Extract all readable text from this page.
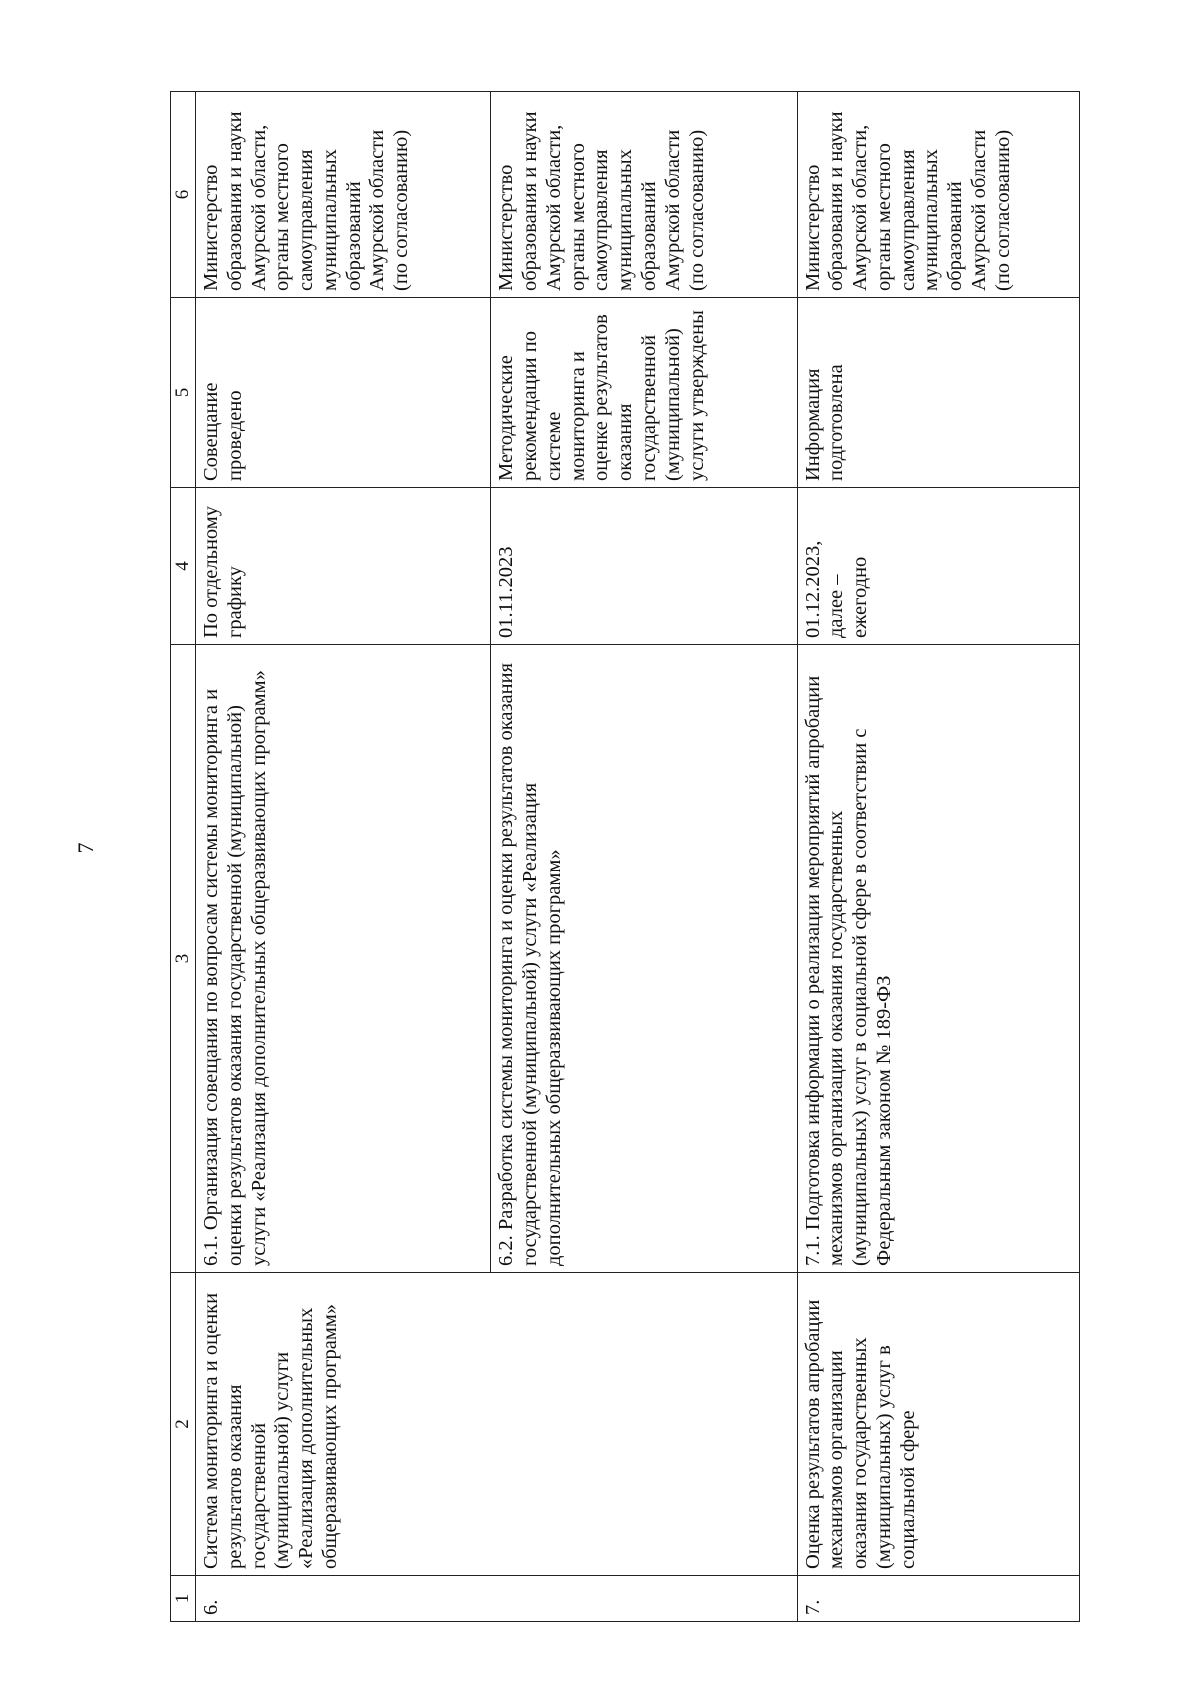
7
1	2	3	4	5	6
6.	Система мониторинга и оценки результатов оказания государственной (муниципальной) услуги «Реализация дополнительных общеразвивающих программ»	6.1. Организация совещания по вопросам системы мониторинга и оценки результатов оказания государственной (муниципальной) услуги «Реализация дополнительных общеразвивающих программ»	По отдельному графику	Совещание проведено	Министерство образования и науки Амурской области, органы местного самоуправления муниципальных образований Амурской области (по согласованию)
		6.2. Разработка системы мониторинга и оценки результатов оказания государственной (муниципальной) услуги «Реализация дополнительных общеразвивающих программ»	01.11.2023	Методические рекомендации по системе мониторинга и оценке результатов оказания государственной (муниципальной) услуги утверждены	Министерство образования и науки Амурской области, органы местного самоуправления муниципальных образований Амурской области (по согласованию)
7.	Оценка результатов апробации механизмов организации оказания государственных (муниципальных) услуг в социальной сфере	7.1. Подготовка информации о реализации мероприятий апробации механизмов организации оказания государственных (муниципальных) услуг в социальной сфере в соответствии с Федеральным законом № 189-ФЗ	01.12.2023, далее – ежегодно	Информация подготовлена	Министерство образования и науки Амурской области, органы местного самоуправления муниципальных образований Амурской области (по согласованию)
